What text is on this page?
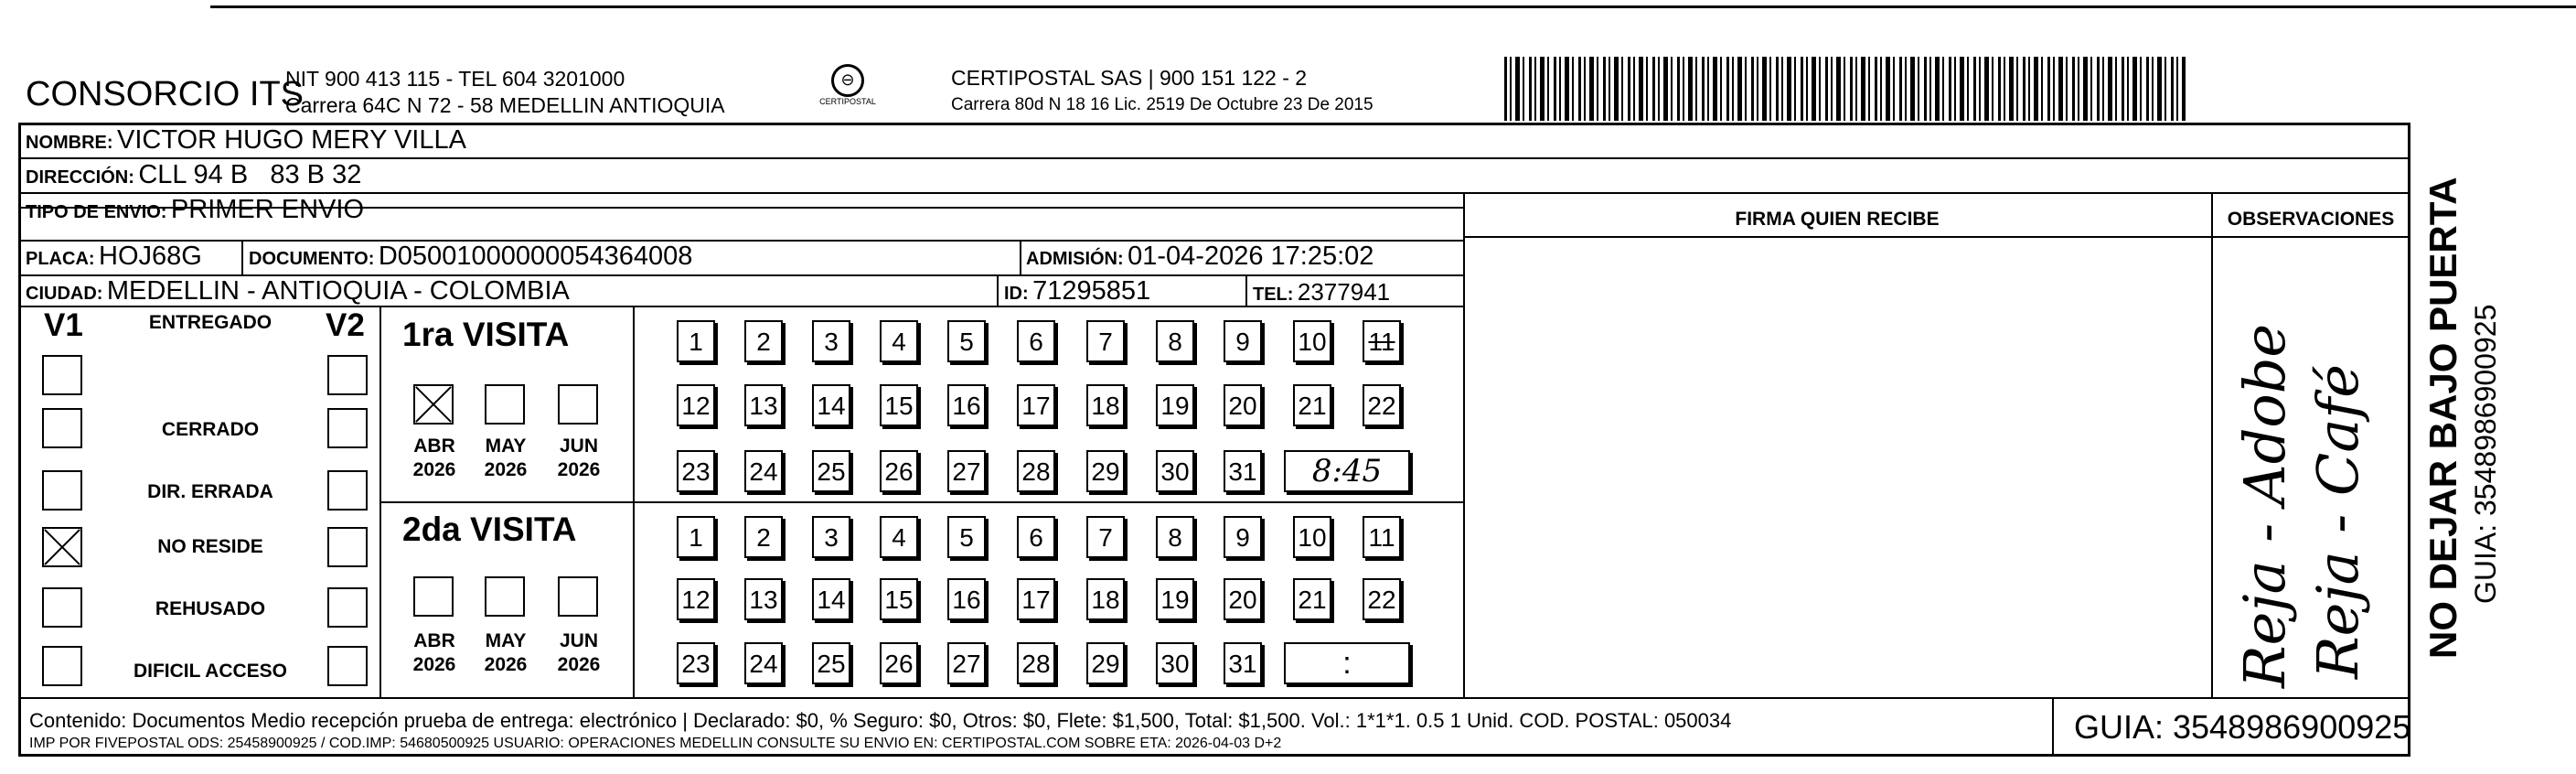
CONSORCIO ITS
NIT 900 413 115 - TEL 604 3201000
Carrera 64C N 72 - 58 MEDELLIN ANTIOQUIA
⊖
CERTIPOSTAL
CERTIPOSTAL SAS | 900 151 122 - 2
Carrera 80d N 18 16 Lic. 2519 De Octubre 23 De 2015
NOMBRE: VICTOR HUGO MERY VILLA
DIRECCIÓN: CLL 94 B   83 B 32
TIPO DE ENVIO: PRIMER ENVIO
PLACA: HOJ68G	DOCUMENTO: D05001000000054364008	ADMISIÓN: 01-04-2026 17:25:02
CIUDAD: MEDELLIN - ANTIOQUIA - COLOMBIA	ID: 71295851	TEL: 2377941
FIRMA QUIEN RECIBE	OBSERVACIONES
V1	V2
ENTREGADO
CERRADO
DIR. ERRADA
NO RESIDE
REHUSADO
DIFICIL ACCESO
1ra VISITA
2da VISITA
ABR
2026
MAY
2026
JUN
2026
ABR
2026
MAY
2026
JUN
2026
1	2	3	4	5	6	7	8	9	10 11
12 13 14 15 16 17 18 19 20 21 22
23 24 25 26 27 28 29 30 31	8:45
1	2	3	4	5	6	7	8	9	10 11
12 13 14 15 16 17 18 19 20 21 22
23 24 25 26 27 28 29 30 31	:	Reja - Adobe Reja - Café NO DEJAR BAJO PUERTA GUIA: 3548986900925
Contenido: Documentos Medio recepción prueba de entrega: electrónico | Declarado: $0, % Seguro: $0, Otros: $0, Flete: $1,500, Total: $1,500. Vol.: 1*1*1. 0.5 1 Unid. COD. POSTAL: 050034
IMP POR FIVEPOSTAL ODS: 25458900925 / COD.IMP: 54680500925 USUARIO: OPERACIONES MEDELLIN CONSULTE SU ENVIO EN: CERTIPOSTAL.COM SOBRE ETA: 2026-04-03 D+2	GUIA: 3548986900925
